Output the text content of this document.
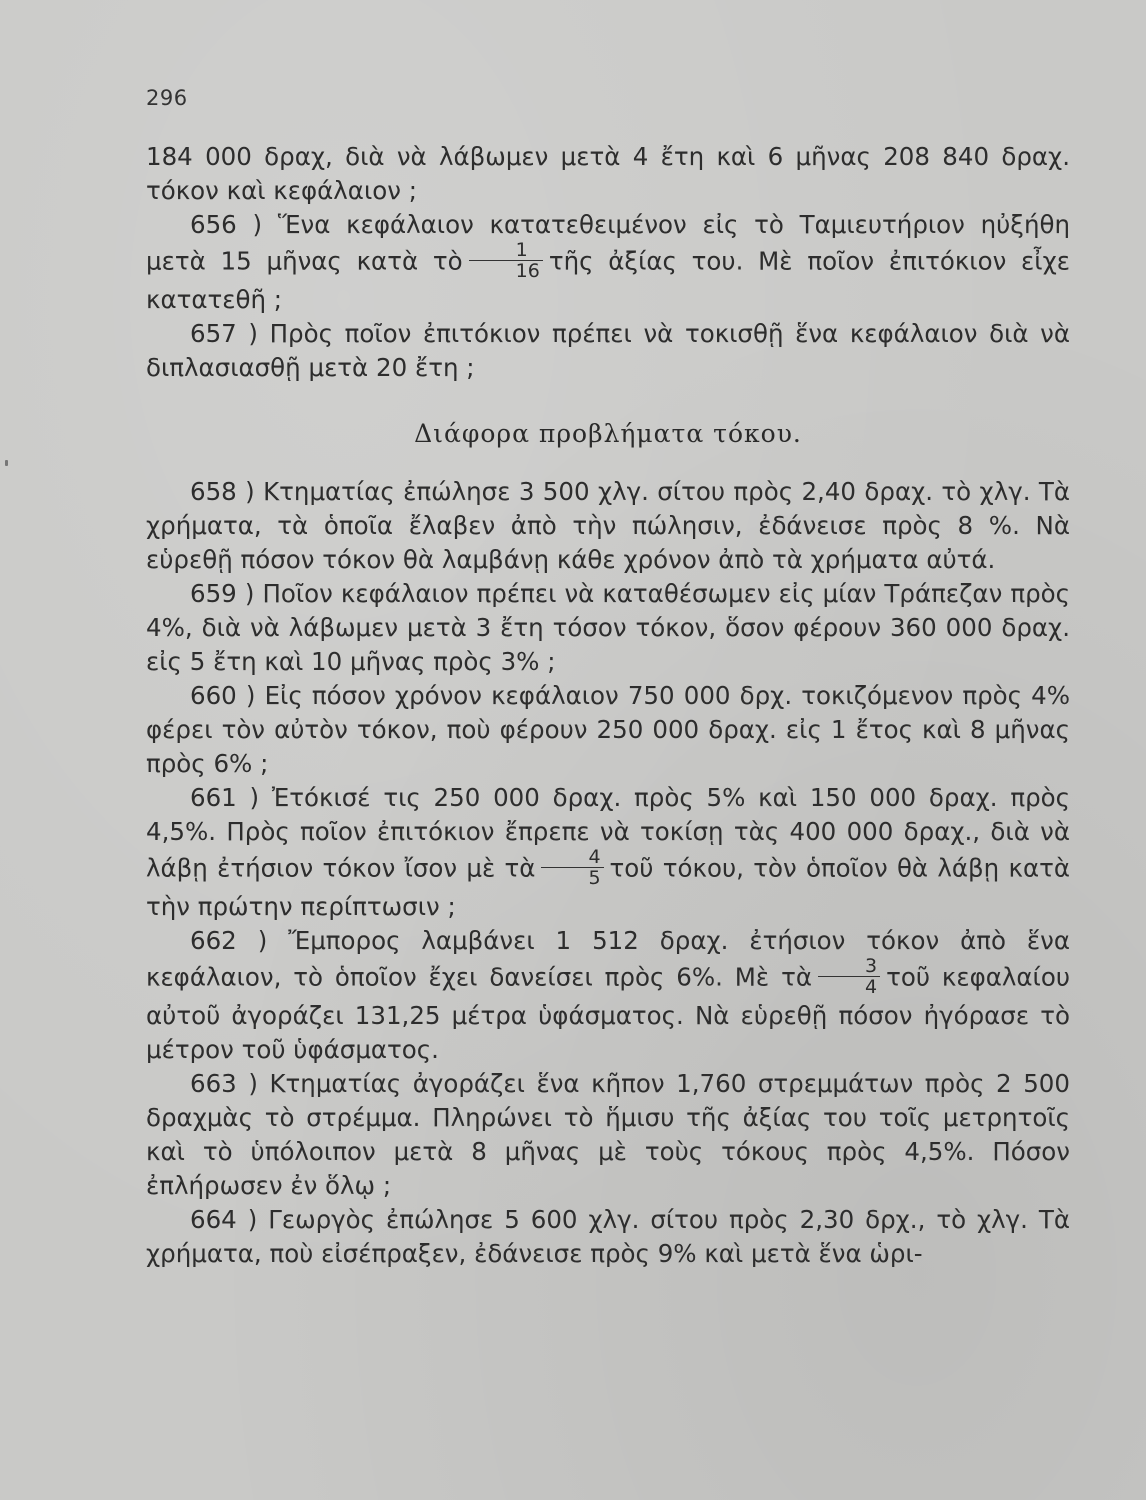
296

184 000 δραχ, διὰ νὰ λάβωμεν μετὰ 4 ἔτη καὶ 6 μῆνας 208 840 δραχ. τόκον καὶ κεφάλαιον ;

656 ) Ἕνα κεφάλαιον κατατεθειμένον εἰς τὸ Ταμιευτήριον ηὐξήθη μετὰ 15 μῆνας κατὰ τὸ $\frac{1}{16}$ τῆς ἀξίας του. Μὲ ποῖον ἐπιτόκιον εἶχε κατατεθῆ ;

657 ) Πρὸς ποῖον ἐπιτόκιον πρέπει νὰ τοκισθῇ ἕνα κεφάλαιον διὰ νὰ διπλασιασθῇ μετὰ 20 ἔτη ;

Διάφορα προβλήματα τόκου.

658 ) Κτηματίας ἐπώλησε 3 500 χλγ. σίτου πρὸς 2,40 δραχ. τὸ χλγ. Τὰ χρήματα, τὰ ὁποῖα ἔλαβεν ἀπὸ τὴν πώλησιν, ἐδάνεισε πρὸς 8 %. Νὰ εὑρεθῇ πόσον τόκον θὰ λαμβάνῃ κάθε χρόνον ἀπὸ τὰ χρήματα αὐτά.

659 ) Ποῖον κεφάλαιον πρέπει νὰ καταθέσωμεν εἰς μίαν Τράπεζαν πρὸς 4%, διὰ νὰ λάβωμεν μετὰ 3 ἔτη τόσον τόκον, ὅσον φέρουν 360 000 δραχ. εἰς 5 ἔτη καὶ 10 μῆνας πρὸς 3% ;

660 ) Εἰς πόσον χρόνον κεφάλαιον 750 000 δρχ. τοκιζόμενον πρὸς 4% φέρει τὸν αὐτὸν τόκον, ποὺ φέρουν 250 000 δραχ. εἰς 1 ἔτος καὶ 8 μῆνας πρὸς 6% ;

661 ) Ἐτόκισέ τις 250 000 δραχ. πρὸς 5% καὶ 150 000 δραχ. πρὸς 4,5%. Πρὸς ποῖον ἐπιτόκιον ἔπρεπε νὰ τοκίσῃ τὰς 400 000 δραχ., διὰ νὰ λάβῃ ἐτήσιον τόκον ἴσον μὲ τὰ $\frac{4}{5}$ τοῦ τόκου, τὸν ὁποῖον θὰ λάβῃ κατὰ τὴν πρώτην περίπτωσιν ;

662 ) Ἔμπορος λαμβάνει 1 512 δραχ. ἐτήσιον τόκον ἀπὸ ἕνα κεφάλαιον, τὸ ὁποῖον ἔχει δανείσει πρὸς 6%. Μὲ τὰ $\frac{3}{4}$ τοῦ κεφαλαίου αὐτοῦ ἀγοράζει 131,25 μέτρα ὑφάσματος. Νὰ εὑρεθῇ πόσον ἠγόρασε τὸ μέτρον τοῦ ὑφάσματος.

663 ) Κτηματίας ἀγοράζει ἕνα κῆπον 1,760 στρεμμάτων πρὸς 2 500 δραχμὰς τὸ στρέμμα. Πληρώνει τὸ ἥμισυ τῆς ἀξίας του τοῖς μετρητοῖς καὶ τὸ ὑπόλοιπον μετὰ 8 μῆνας μὲ τοὺς τόκους πρὸς 4,5%. Πόσον ἐπλήρωσεν ἐν ὅλῳ ;

664 ) Γεωργὸς ἐπώλησε 5 600 χλγ. σίτου πρὸς 2,30 δρχ., τὸ χλγ. Τὰ χρήματα, ποὺ εἰσέπραξεν, ἐδάνεισε πρὸς 9% καὶ μετὰ ἕνα ὡρι-
